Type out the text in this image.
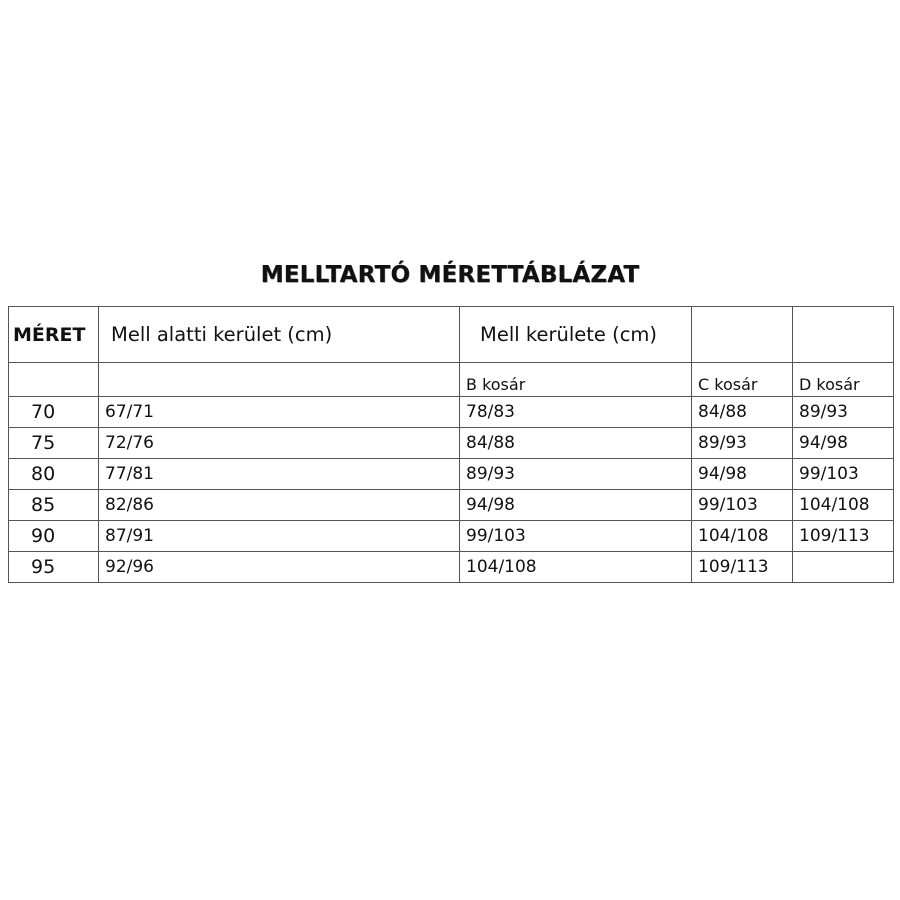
MELLTARTÓ MÉRETTÁBLÁZAT
MÉRET	Mell alatti kerület (cm)	Mell kerülete (cm)		
		B kosár	C kosár	D kosár
70	67/71	78/83	84/88	89/93
75	72/76	84/88	89/93	94/98
80	77/81	89/93	94/98	99/103
85	82/86	94/98	99/103	104/108
90	87/91	99/103	104/108	109/113
95	92/96	104/108	109/113	
